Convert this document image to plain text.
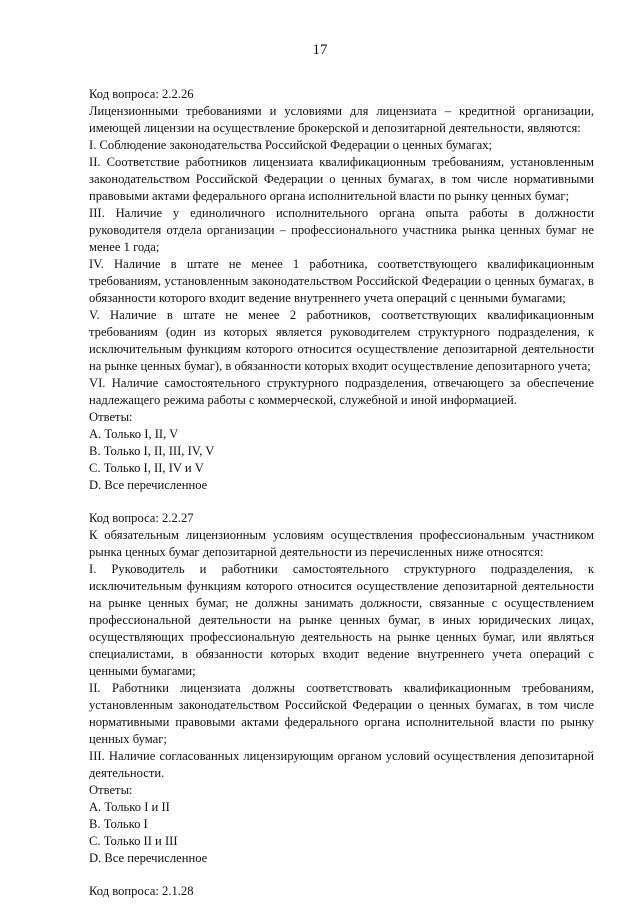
17
Код вопроса: 2.2.26

Лицензионными требованиями и условиями для лицензиата – кредитной организации, имеющей лицензии на осуществление брокерской и депозитарной деятельности, являются:

I. Соблюдение законодательства Российской Федерации о ценных бумагах;

II. Соответствие работников лицензиата квалификационным требованиям, установленным законодательством Российской Федерации о ценных бумагах, в том числе нормативными правовыми актами федерального органа исполнительной власти по рынку ценных бумаг;

III. Наличие у единоличного исполнительного органа опыта работы в должности руководителя отдела организации – профессионального участника рынка ценных бумаг не менее 1 года;

IV. Наличие в штате не менее 1 работника, соответствующего квалификационным требованиям, установленным законодательством Российской Федерации о ценных бумагах, в обязанности которого входит ведение внутреннего учета операций с ценными бумагами;

V. Наличие в штате не менее 2 работников, соответствующих квалификационным требованиям (один из которых является руководителем структурного подразделения, к исключительным функциям которого относится осуществление депозитарной деятельности на рынке ценных бумаг), в обязанности которых входит осуществление депозитарного учета;

VI. Наличие самостоятельного структурного подразделения, отвечающего за обеспечение надлежащего режима работы с коммерческой, служебной и иной информацией.

Ответы:
A. Только I, II, V
B. Только I, II, III, IV, V
C. Только I, II, IV и V
D. Все перечисленное
Код вопроса: 2.2.27

К обязательным лицензионным условиям осуществления профессиональным участником рынка ценных бумаг депозитарной деятельности из перечисленных ниже относятся:

I. Руководитель и работники самостоятельного структурного подразделения, к исключительным функциям которого относится осуществление депозитарной деятельности на рынке ценных бумаг, не должны занимать должности, связанные с осуществлением профессиональной деятельности на рынке ценных бумаг, в иных юридических лицах, осуществляющих профессиональную деятельность на рынке ценных бумаг, или являться специалистами, в обязанности которых входит ведение внутреннего учета операций с ценными бумагами;

II. Работники лицензиата должны соответствовать квалификационным требованиям, установленным законодательством Российской Федерации о ценных бумагах, в том числе нормативными правовыми актами федерального органа исполнительной власти по рынку ценных бумаг;

III. Наличие согласованных лицензирующим органом условий осуществления депозитарной деятельности.

Ответы:
A. Только I и II
B. Только I
C. Только II и III
D. Все перечисленное
Код вопроса: 2.1.28
